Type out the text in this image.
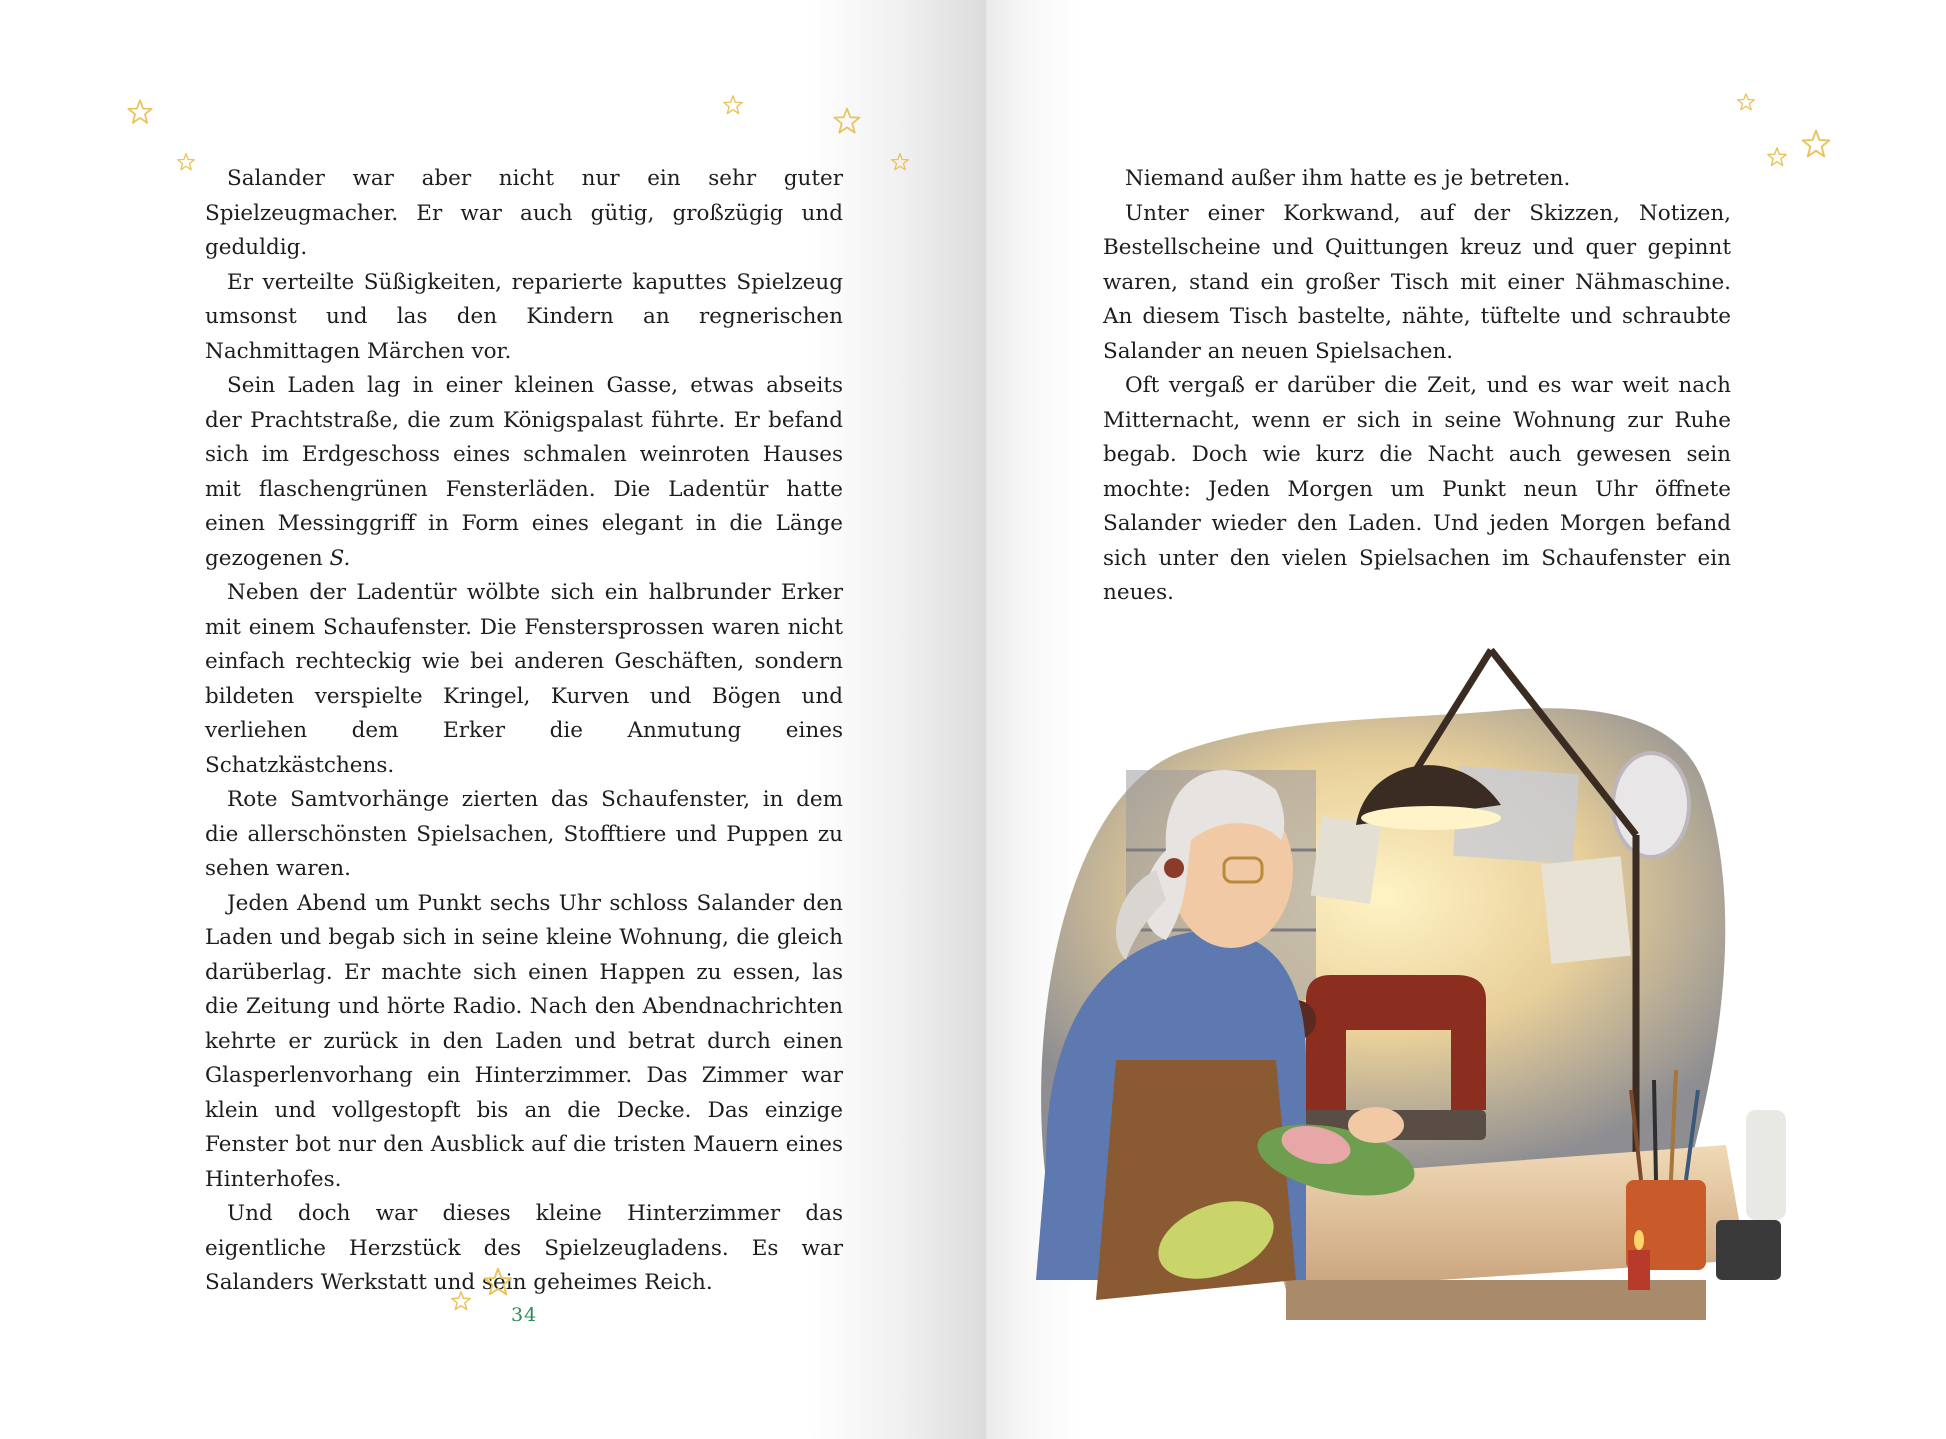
Salander war aber nicht nur ein sehr guter Spielzeugmacher. Er war auch gütig, großzügig und geduldig.

Er verteilte Süßigkeiten, reparierte kaputtes Spielzeug umsonst und las den Kindern an regnerischen Nachmittagen Märchen vor.

Sein Laden lag in einer kleinen Gasse, etwas abseits der Prachtstraße, die zum Königspalast führte. Er befand sich im Erdgeschoss eines schmalen weinroten Hauses mit flaschengrünen Fensterläden. Die Ladentür hatte einen Messinggriff in Form eines elegant in die Länge gezogenen S.

Neben der Ladentür wölbte sich ein halbrunder Erker mit einem Schaufenster. Die Fenstersprossen waren nicht einfach rechteckig wie bei anderen Geschäften, sondern bildeten verspielte Kringel, Kurven und Bögen und verliehen dem Erker die Anmutung eines Schatzkästchens.

Rote Samtvorhänge zierten das Schaufenster, in dem die allerschönsten Spielsachen, Stofftiere und Puppen zu sehen waren.

Jeden Abend um Punkt sechs Uhr schloss Salander den Laden und begab sich in seine kleine Wohnung, die gleich darüberlag. Er machte sich einen Happen zu essen, las die Zeitung und hörte Radio. Nach den Abendnachrichten kehrte er zurück in den Laden und betrat durch einen Glasperlenvorhang ein Hinterzimmer. Das Zimmer war klein und vollgestopft bis an die Decke. Das einzige Fenster bot nur den Ausblick auf die tristen Mauern eines Hinterhofes.

Und doch war dieses kleine Hinterzimmer das eigentliche Herzstück des Spielzeugladens. Es war Salanders Werkstatt und sein geheimes Reich.

34

Niemand außer ihm hatte es je betreten.

Unter einer Korkwand, auf der Skizzen, Notizen, Bestellscheine und Quittungen kreuz und quer gepinnt waren, stand ein großer Tisch mit einer Nähmaschine. An diesem Tisch bastelte, nähte, tüftelte und schraubte Salander an neuen Spielsachen.

Oft vergaß er darüber die Zeit, und es war weit nach Mitternacht, wenn er sich in seine Wohnung zur Ruhe begab. Doch wie kurz die Nacht auch gewesen sein mochte: Jeden Morgen um Punkt neun Uhr öffnete Salander wieder den Laden. Und jeden Morgen befand sich unter den vielen Spielsachen im Schaufenster ein neues.
